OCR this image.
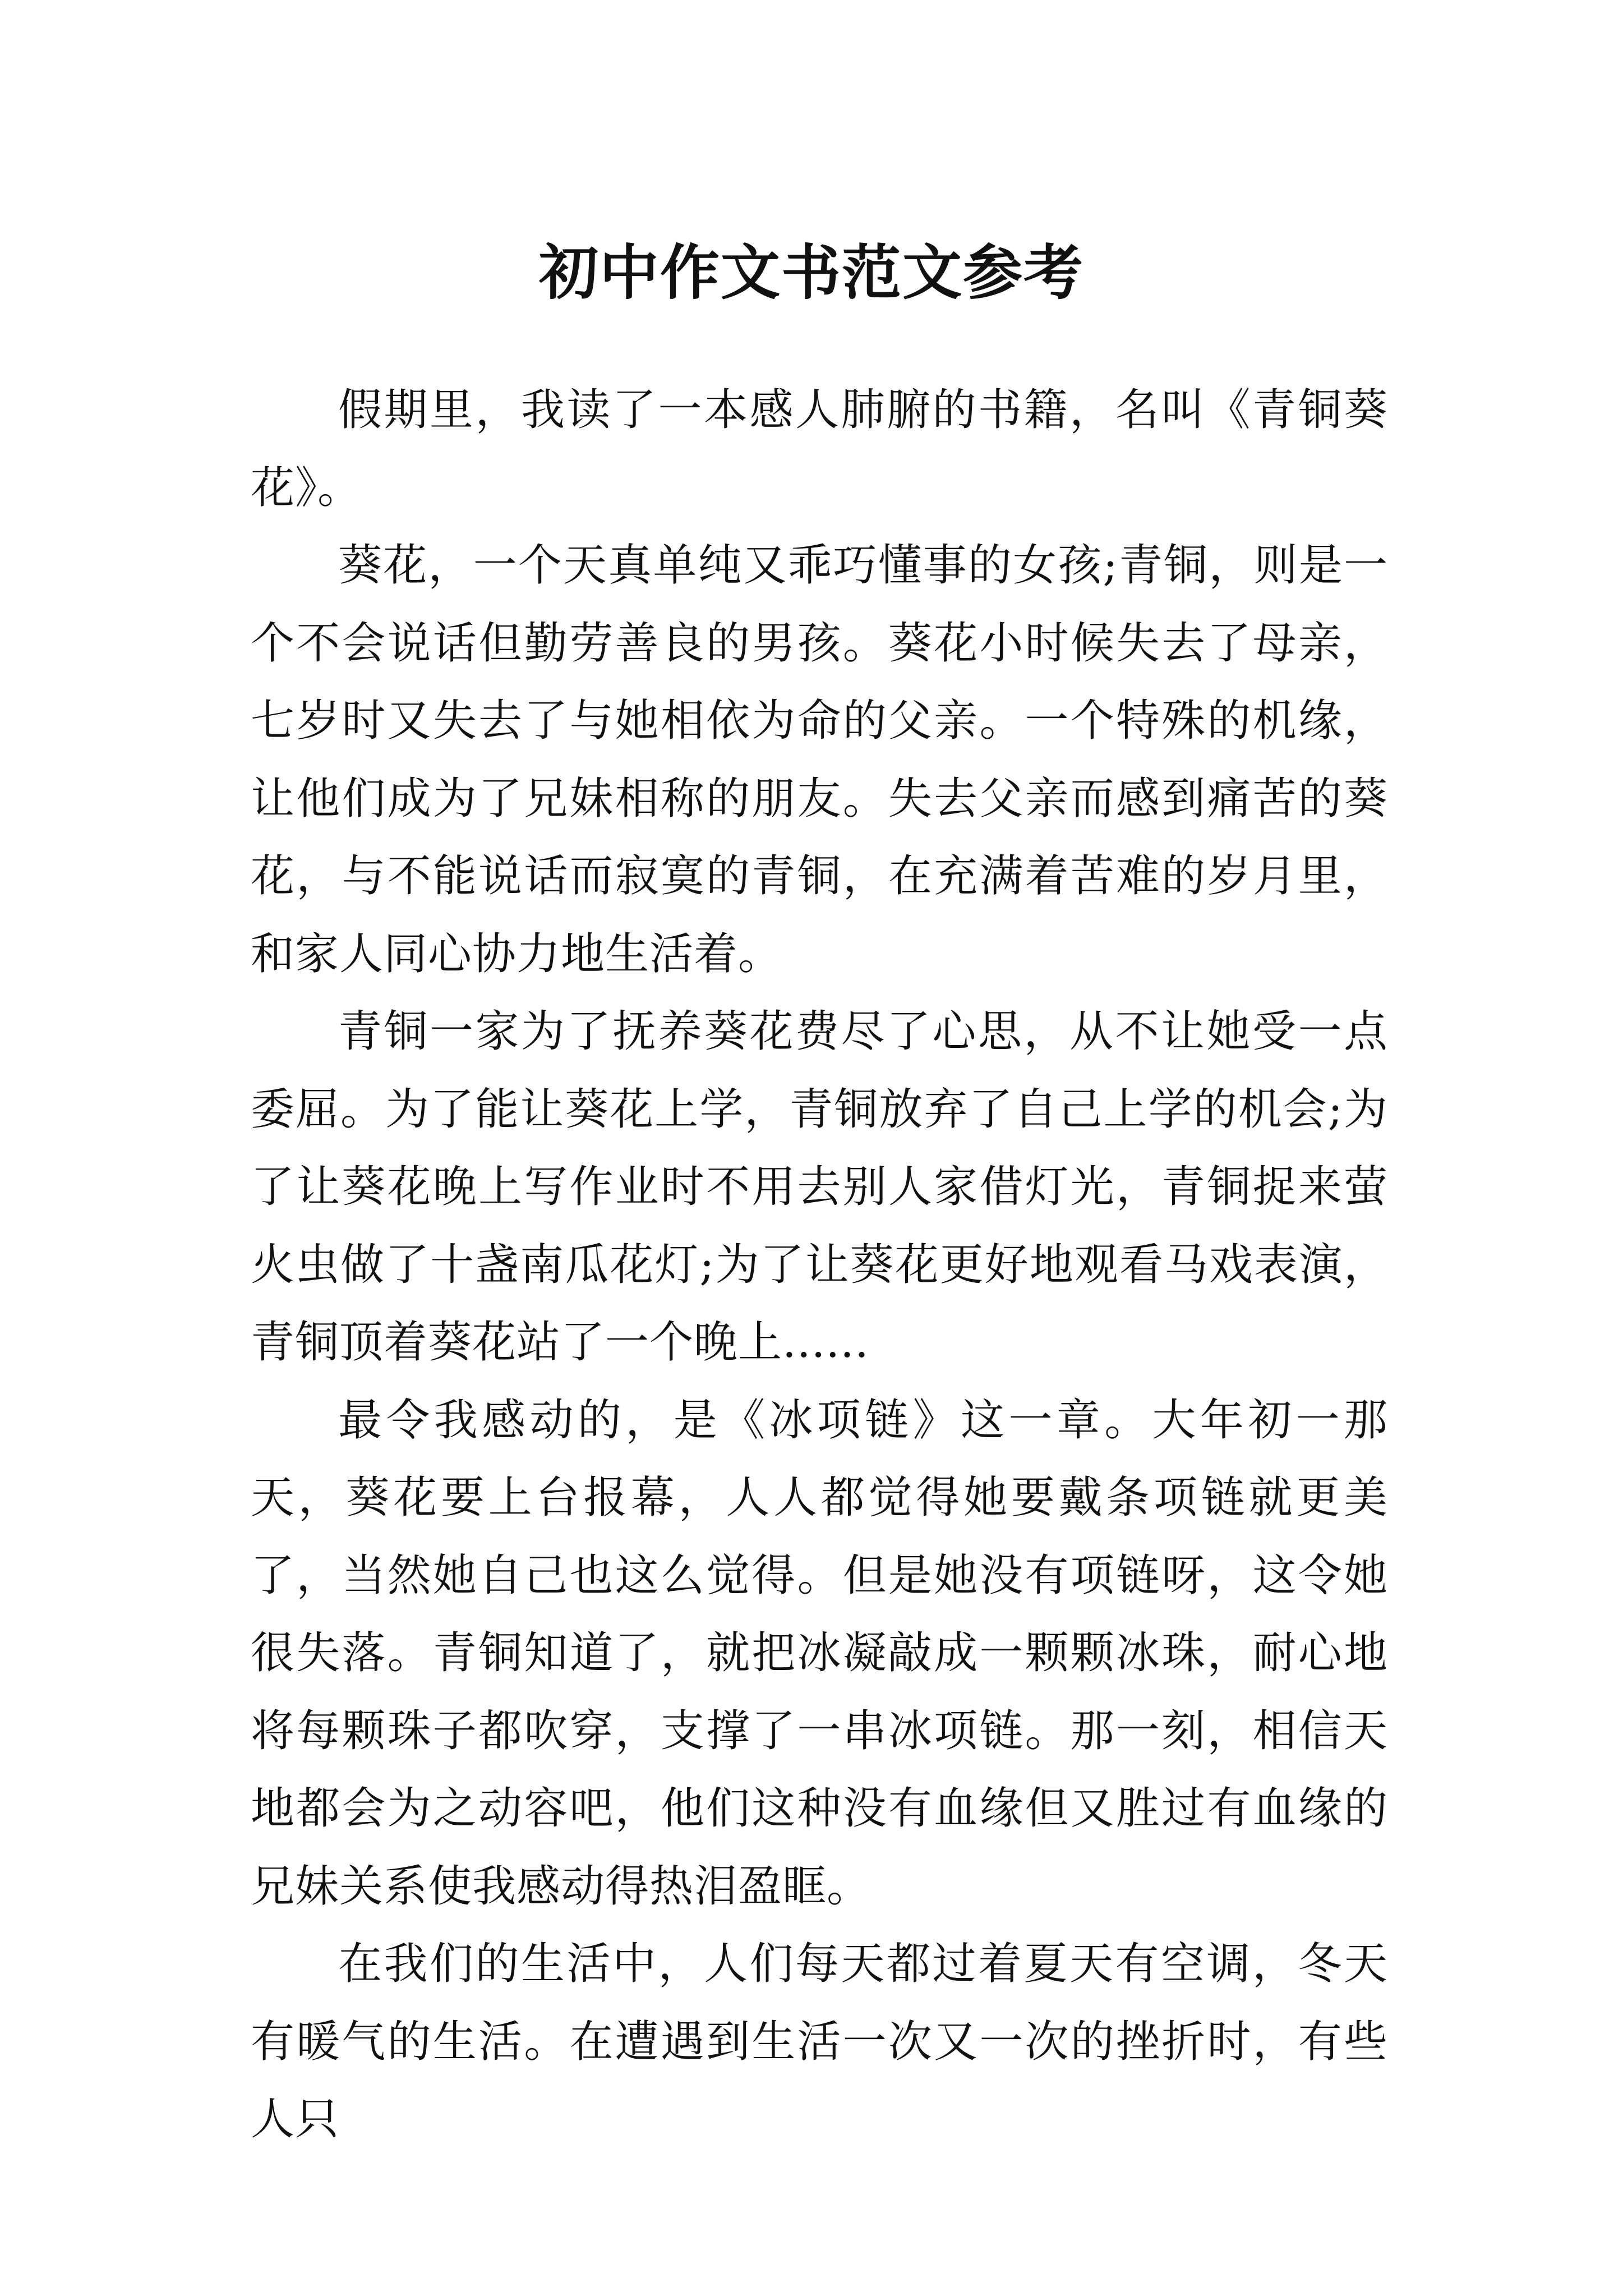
初中作文书范文参考

假期里，我读了一本感人肺腑的书籍，名叫《青铜葵花》。

葵花，一个天真单纯又乖巧懂事的女孩;青铜，则是一个不会说话但勤劳善良的男孩。葵花小时候失去了母亲，七岁时又失去了与她相依为命的父亲。一个特殊的机缘，让他们成为了兄妹相称的朋友。失去父亲而感到痛苦的葵花，与不能说话而寂寞的青铜，在充满着苦难的岁月里，和家人同心协力地生活着。

青铜一家为了抚养葵花费尽了心思，从不让她受一点委屈。为了能让葵花上学，青铜放弃了自己上学的机会;为了让葵花晚上写作业时不用去别人家借灯光，青铜捉来萤火虫做了十盏南瓜花灯;为了让葵花更好地观看马戏表演，青铜顶着葵花站了一个晚上......

最令我感动的，是《冰项链》这一章。大年初一那天，葵花要上台报幕，人人都觉得她要戴条项链就更美了，当然她自己也这么觉得。但是她没有项链呀，这令她很失落。青铜知道了，就把冰凝敲成一颗颗冰珠，耐心地将每颗珠子都吹穿，支撑了一串冰项链。那一刻，相信天地都会为之动容吧，他们这种没有血缘但又胜过有血缘的兄妹关系使我感动得热泪盈眶。

在我们的生活中，人们每天都过着夏天有空调，冬天有暖气的生活。在遭遇到生活一次又一次的挫折时，有些人只
